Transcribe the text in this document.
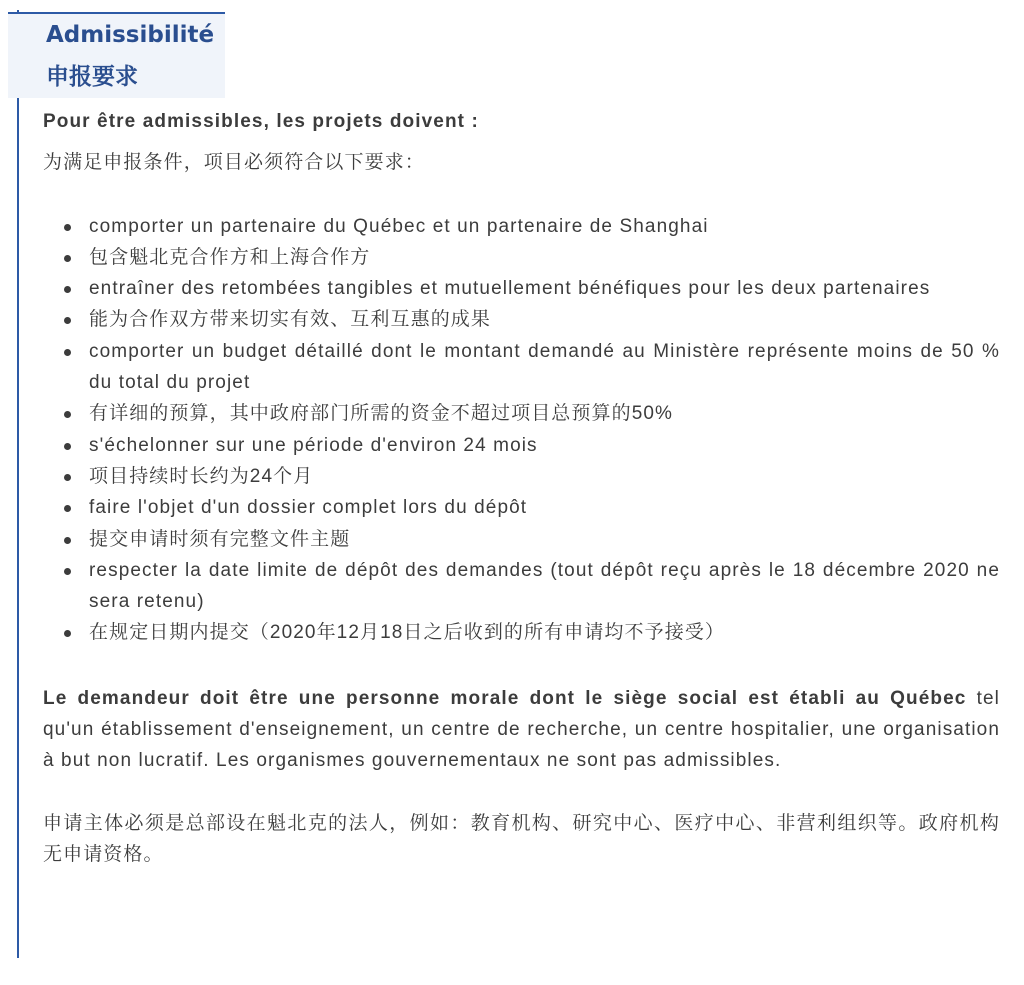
Admissibilité
申报要求

Pour être admissibles, les projets doivent :

为满足申报条件，项目必须符合以下要求：

comporter un partenaire du Québec et un partenaire de Shanghai
包含魁北克合作方和上海合作方
entraîner des retombées tangibles et mutuellement bénéfiques pour les deux partenaires
能为合作双方带来切实有效、互利互惠的成果
comporter un budget détaillé dont le montant demandé au Ministère représente moins de 50 % du total du projet
有详细的预算，其中政府部门所需的资金不超过项目总预算的50%
s'échelonner sur une période d'environ 24 mois
项目持续时长约为24个月
faire l'objet d'un dossier complet lors du dépôt
提交申请时须有完整文件主题
respecter la date limite de dépôt des demandes (tout dépôt reçu après le 18 décembre 2020 ne sera retenu)
在规定日期内提交（2020年12月18日之后收到的所有申请均不予接受）

Le demandeur doit être une personne morale dont le siège social est établi au Québec tel qu'un établissement d'enseignement, un centre de recherche, un centre hospitalier, une organisation à but non lucratif. Les organismes gouvernementaux ne sont pas admissibles.

申请主体必须是总部设在魁北克的法人，例如：教育机构、研究中心、医疗中心、非营利组织等。政府机构无申请资格。
